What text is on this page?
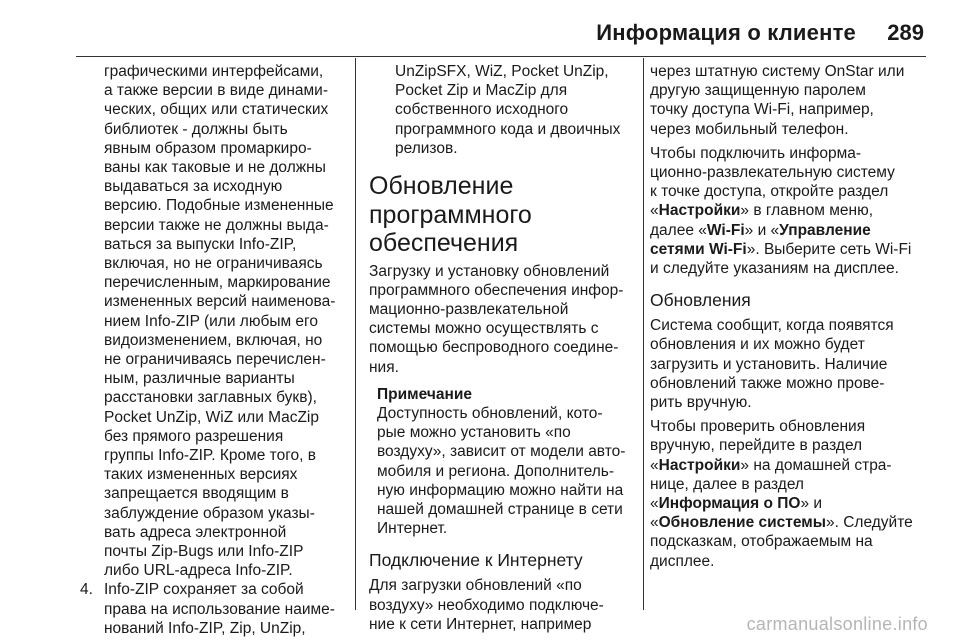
Информация о клиенте 289
графическими интерфейсами,
а также версии в виде динами-
ческих, общих или статических
библиотек - должны быть
явным образом промаркиро-
ваны как таковые и не должны
выдаваться за исходную
версию. Подобные измененные
версии также не должны выда-
ваться за выпуски Info-ZIP,
включая, но не ограничиваясь
перечисленным, маркирование
измененных версий наименова-
нием Info-ZIP (или любым его
видоизменением, включая, но
не ограничиваясь перечислен-
ным, различные варианты
расстановки заглавных букв),
Pocket UnZip, WiZ или MacZip
без прямого разрешения
группы Info-ZIP. Кроме того, в
таких измененных версиях
запрещается вводящим в
заблуждение образом указы-
вать адреса электронной
почты Zip-Bugs или Info-ZIP
либо URL-адреса Info-ZIP.
4. Info-ZIP сохраняет за собой
права на использование наиме-
нований Info-ZIP, Zip, UnZip,
UnZipSFX, WiZ, Pocket UnZip,
Pocket Zip и MacZip для
собственного исходного
программного кода и двоичных
релизов.
Обновление
программного
обеспечения
Загрузку и установку обновлений
программного обеспечения инфор-
мационно-развлекательной
системы можно осуществлять с
помощью беспроводного соедине-
ния.
Примечание
Доступность обновлений, кото-
рые можно установить «по
воздуху», зависит от модели авто-
мобиля и региона. Дополнитель-
ную информацию можно найти на
нашей домашней странице в сети
Интернет.
Подключение к Интернету
Для загрузки обновлений «по
воздуху» необходимо подключе-
ние к сети Интернет, например
через штатную систему OnStar или
другую защищенную паролем
точку доступа Wi-Fi, например,
через мобильный телефон.
Чтобы подключить информа-
ционно-развлекательную систему
к точке доступа, откройте раздел
«Настройки» в главном меню,
далее «Wi-Fi» и «Управление
сетями Wi-Fi». Выберите сеть Wi-Fi
и следуйте указаниям на дисплее.
Обновления
Система сообщит, когда появятся
обновления и их можно будет
загрузить и установить. Наличие
обновлений также можно прове-
рить вручную.
Чтобы проверить обновления
вручную, перейдите в раздел
«Настройки» на домашней стра-
нице, далее в раздел
«Информация о ПО» и
«Обновление системы». Следуйте
подсказкам, отображаемым на
дисплее.
carmanualsonline.info
